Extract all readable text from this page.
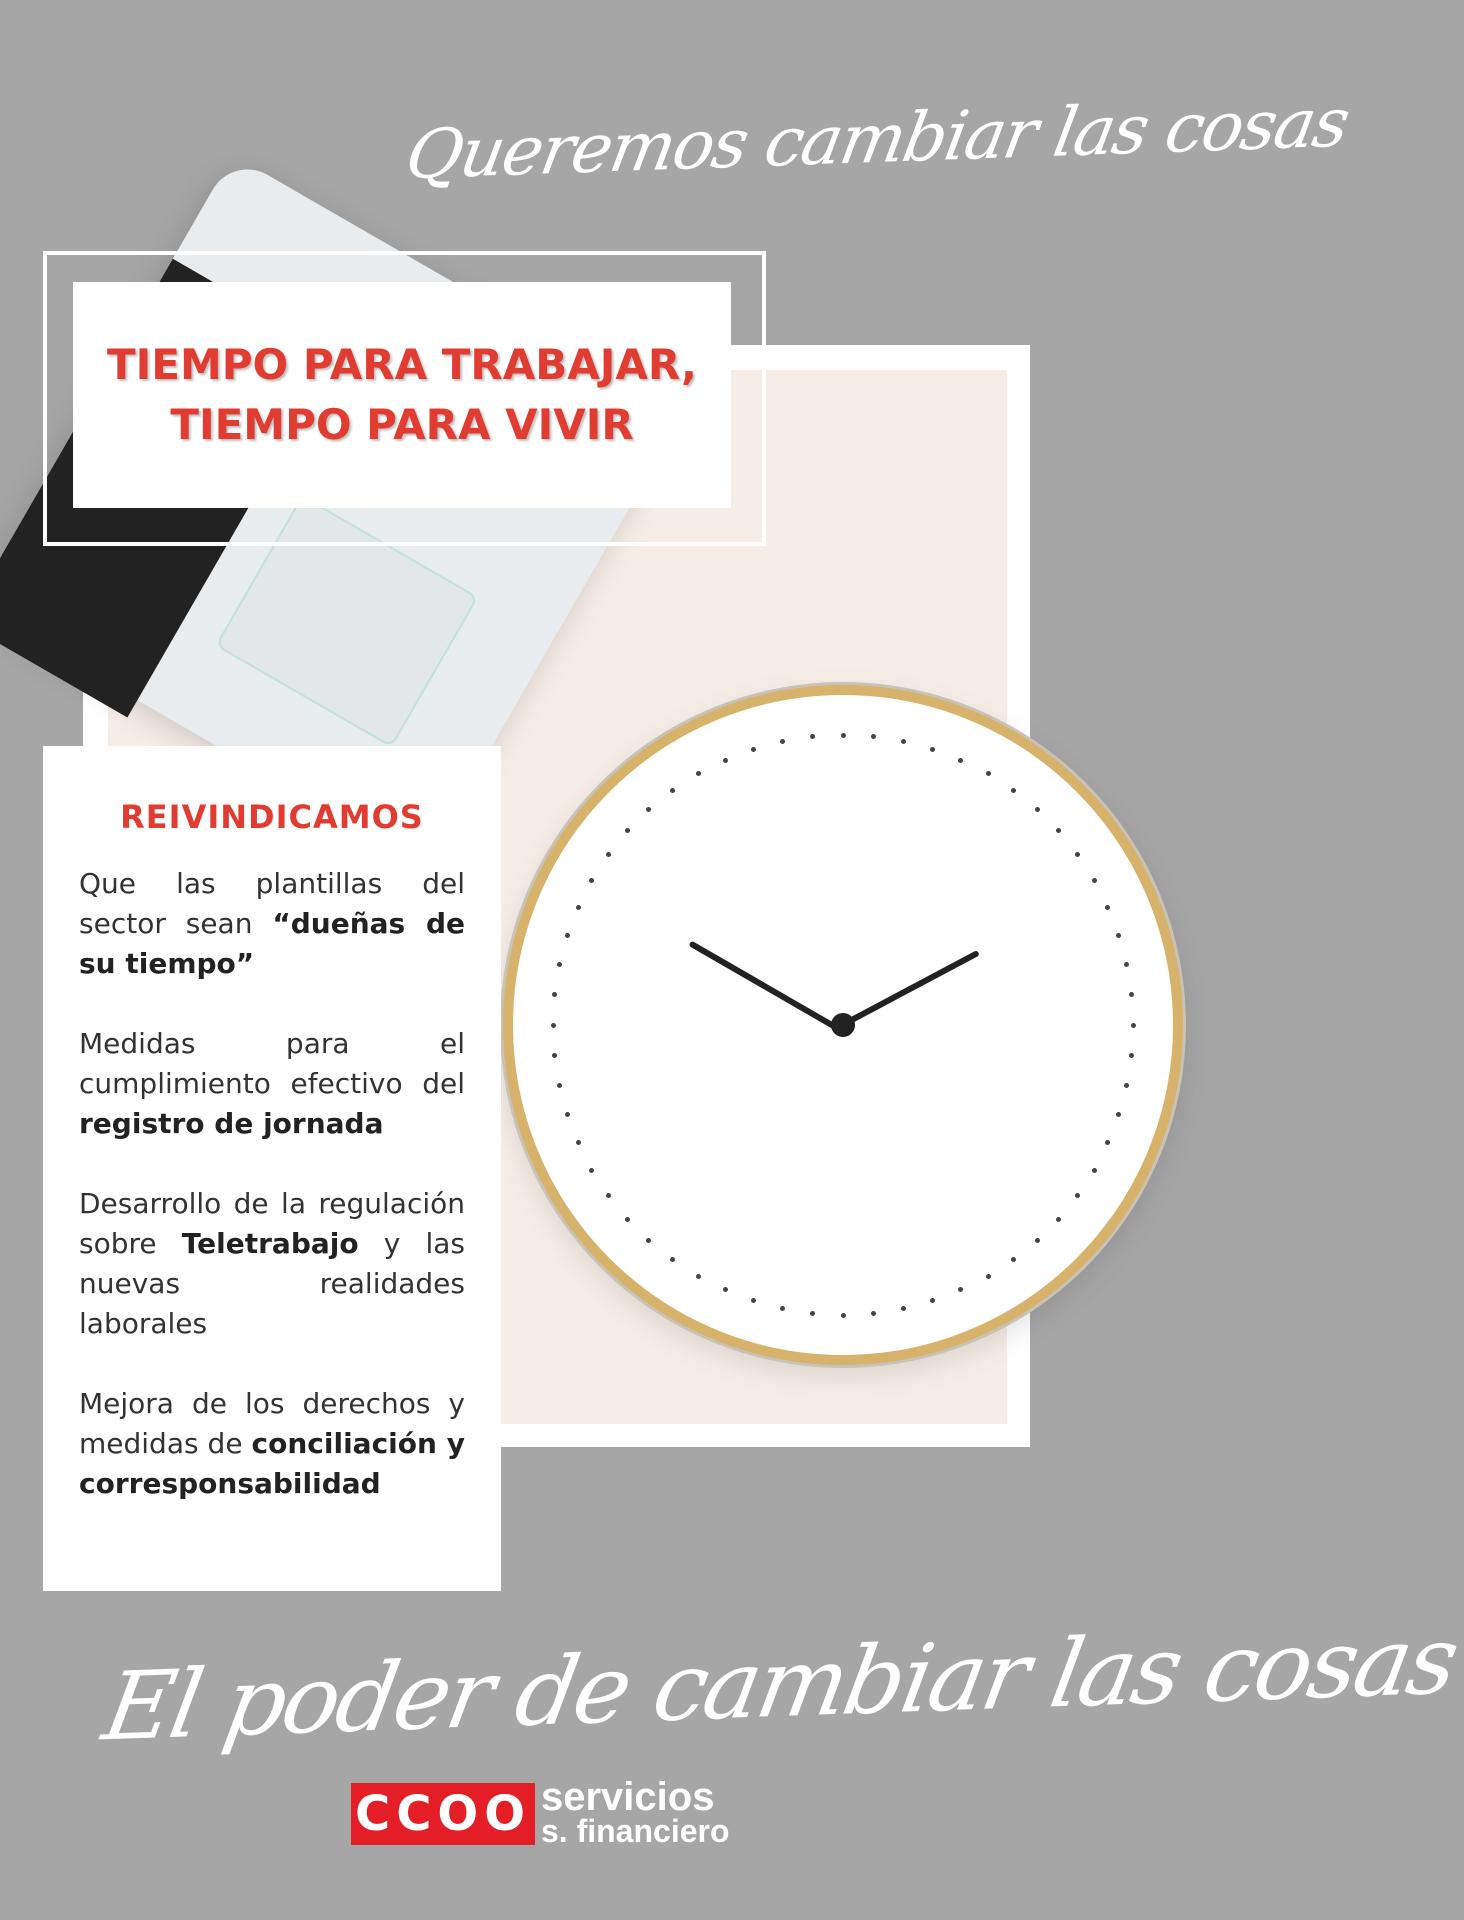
Queremos cambiar las cosas
TIEMPO PARA TRABAJAR,
TIEMPO PARA VIVIR
REIVINDICAMOS

Que las plantillas del sector sean “dueñas de su tiempo”

Medidas para el cumplimiento efectivo del registro de jornada

Desarrollo de la regulación sobre Teletrabajo y las nuevas realidades laborales

Mejora de los derechos y medidas de conciliación y corresponsabilidad

El poder de cambiar las cosas
CCOO servicios
s. financiero
